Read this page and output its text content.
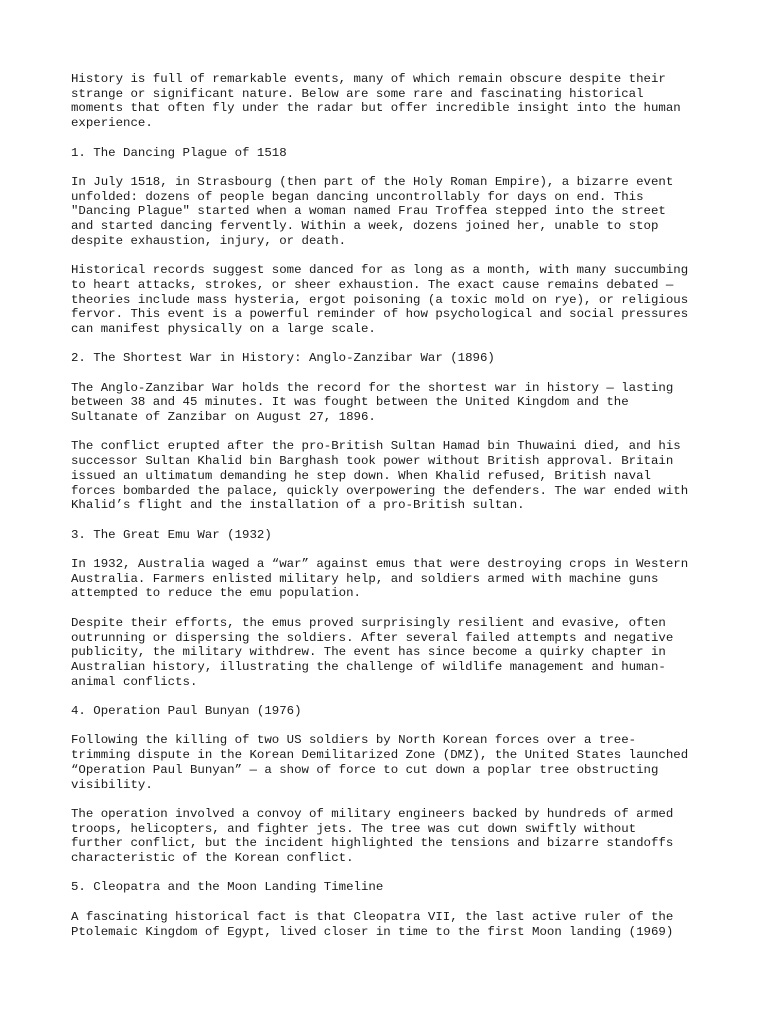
History is full of remarkable events, many of which remain obscure despite their
strange or significant nature. Below are some rare and fascinating historical
moments that often fly under the radar but offer incredible insight into the human
experience.

1. The Dancing Plague of 1518

In July 1518, in Strasbourg (then part of the Holy Roman Empire), a bizarre event
unfolded: dozens of people began dancing uncontrollably for days on end. This
"Dancing Plague" started when a woman named Frau Troffea stepped into the street
and started dancing fervently. Within a week, dozens joined her, unable to stop
despite exhaustion, injury, or death.

Historical records suggest some danced for as long as a month, with many succumbing
to heart attacks, strokes, or sheer exhaustion. The exact cause remains debated —
theories include mass hysteria, ergot poisoning (a toxic mold on rye), or religious
fervor. This event is a powerful reminder of how psychological and social pressures
can manifest physically on a large scale.

2. The Shortest War in History: Anglo-Zanzibar War (1896)

The Anglo-Zanzibar War holds the record for the shortest war in history — lasting
between 38 and 45 minutes. It was fought between the United Kingdom and the
Sultanate of Zanzibar on August 27, 1896.

The conflict erupted after the pro-British Sultan Hamad bin Thuwaini died, and his
successor Sultan Khalid bin Barghash took power without British approval. Britain
issued an ultimatum demanding he step down. When Khalid refused, British naval
forces bombarded the palace, quickly overpowering the defenders. The war ended with
Khalid’s flight and the installation of a pro-British sultan.

3. The Great Emu War (1932)

In 1932, Australia waged a “war” against emus that were destroying crops in Western
Australia. Farmers enlisted military help, and soldiers armed with machine guns
attempted to reduce the emu population.

Despite their efforts, the emus proved surprisingly resilient and evasive, often
outrunning or dispersing the soldiers. After several failed attempts and negative
publicity, the military withdrew. The event has since become a quirky chapter in
Australian history, illustrating the challenge of wildlife management and human-
animal conflicts.

4. Operation Paul Bunyan (1976)

Following the killing of two US soldiers by North Korean forces over a tree-
trimming dispute in the Korean Demilitarized Zone (DMZ), the United States launched
“Operation Paul Bunyan” — a show of force to cut down a poplar tree obstructing
visibility.

The operation involved a convoy of military engineers backed by hundreds of armed
troops, helicopters, and fighter jets. The tree was cut down swiftly without
further conflict, but the incident highlighted the tensions and bizarre standoffs
characteristic of the Korean conflict.

5. Cleopatra and the Moon Landing Timeline

A fascinating historical fact is that Cleopatra VII, the last active ruler of the
Ptolemaic Kingdom of Egypt, lived closer in time to the first Moon landing (1969)
